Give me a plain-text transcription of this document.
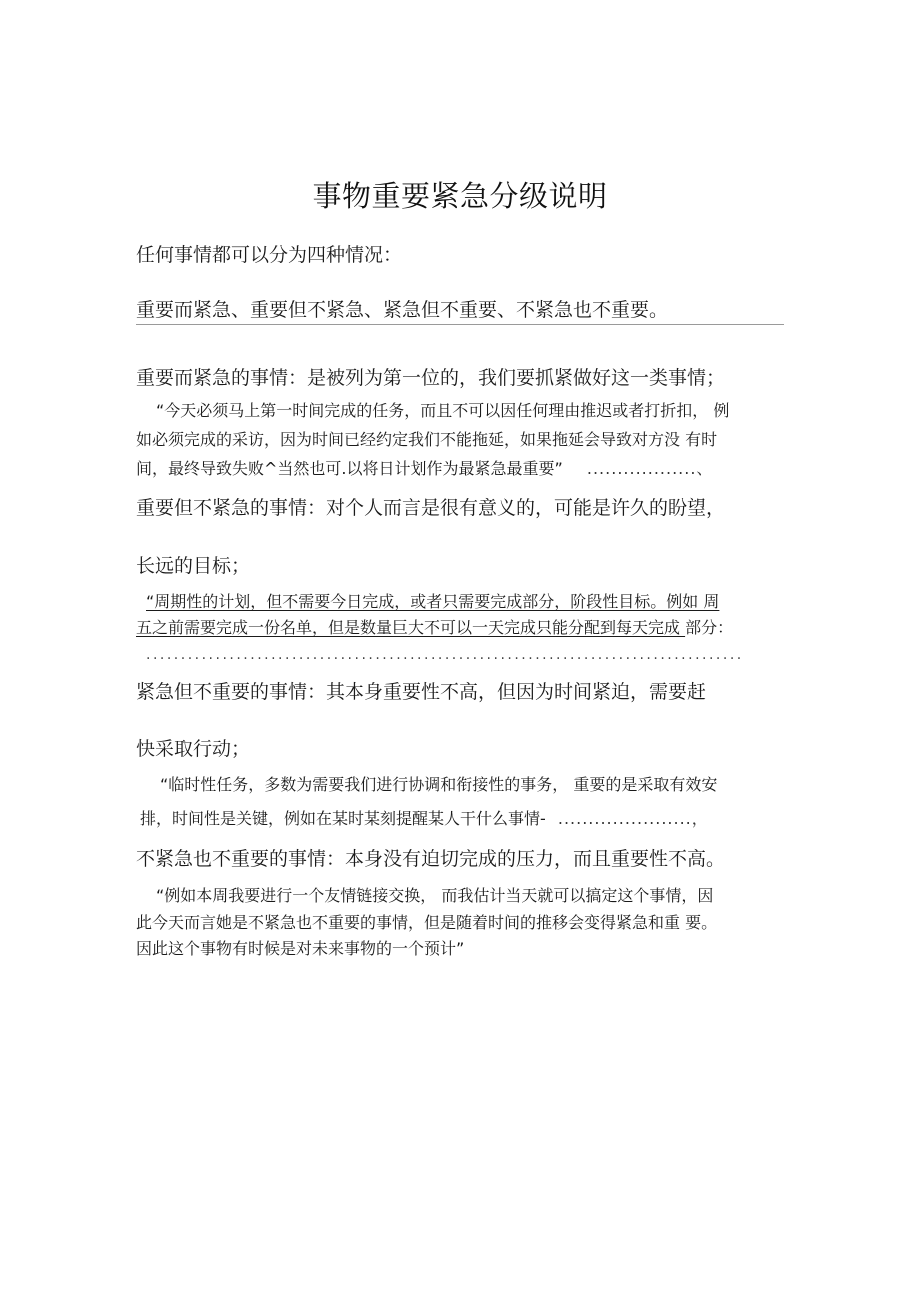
事物重要紧急分级说明
任何事情都可以分为四种情况：
重要而紧急、重要但不紧急、紧急但不重要、不紧急也不重要。
重要而紧急的事情：是被列为第一位的，我们要抓紧做好这一类事情；
“今天必须马上第一时间完成的任务，而且不可以因任何理由推迟或者打折扣， 例
如必须完成的采访，因为时间已经约定我们不能拖延，如果拖延会导致对方没 有时
间，最终导致失败^当然也可.以将日计划作为最紧急最重要” ..................、
重要但不紧急的事情：对个人而言是很有意义的，可能是许久的盼望，
长远的目标；
“周期性的计划，但不需要今日完成，或者只需要完成部分，阶段性目标。例如 周
五之前需要完成一份名单，但是数量巨大不可以一天完成只能分配到每天完成 部分：
......................................................................................
紧急但不重要的事情：其本身重要性不高，但因为时间紧迫，需要赶
快采取行动；
“临时性任务，多数为需要我们进行协调和衔接性的事务， 重要的是采取有效安
排，时间性是关键，例如在某时某刻提醒某人干什么事情- ......................，
不紧急也不重要的事情：本身没有迫切完成的压力，而且重要性不高。
“例如本周我要进行一个友情链接交换， 而我估计当天就可以搞定这个事情，因
此今天而言她是不紧急也不重要的事情，但是随着时间的推移会变得紧急和重 要。
因此这个事物有时候是对未来事物的一个预计”
